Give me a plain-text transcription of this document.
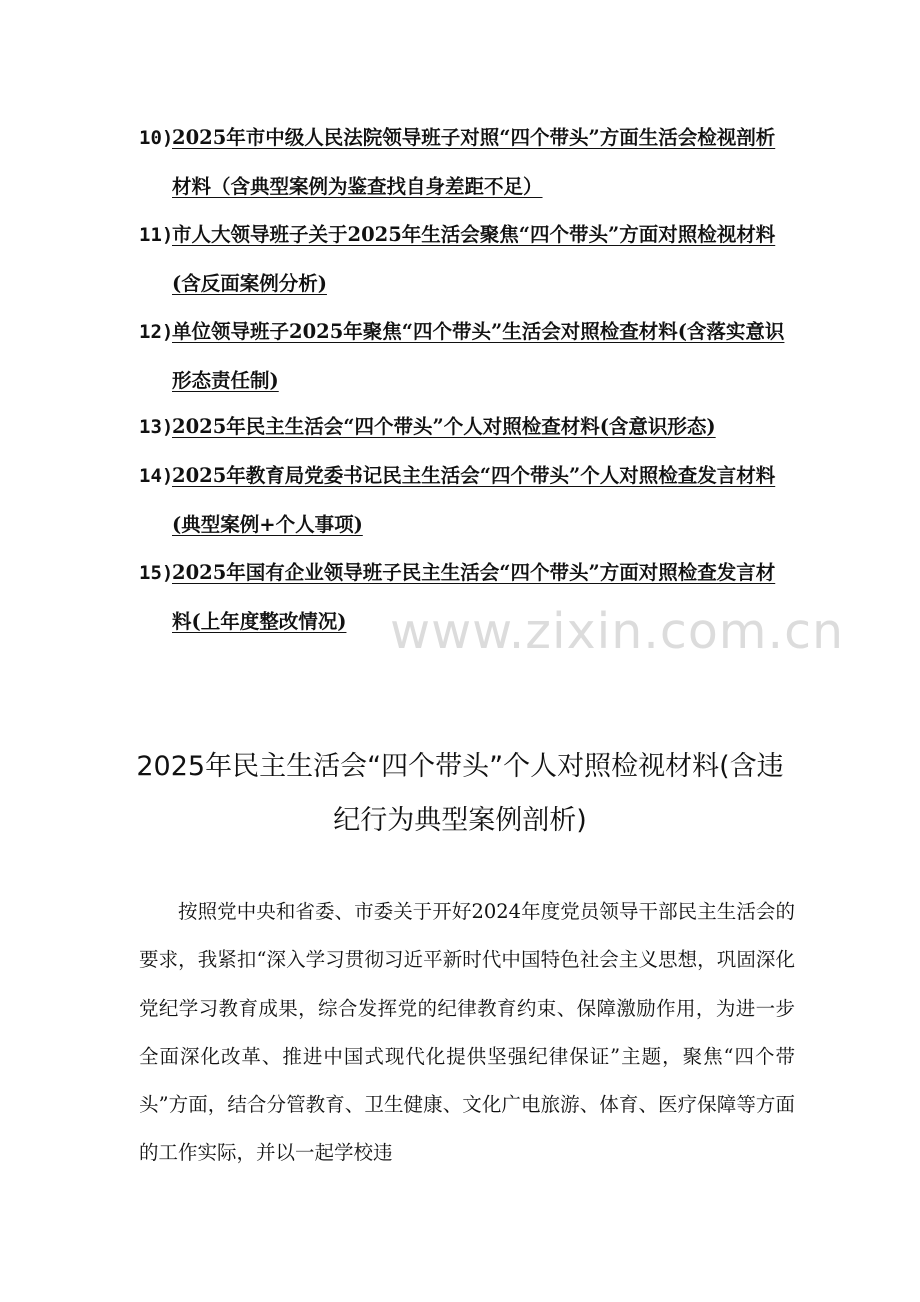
10)
2025年市中级人民法院领导班子对照“四个带头”方面生活会检视剖析材料（含典型案例为鉴查找自身差距不足）
11)
市人大领导班子关于2025年生活会聚焦“四个带头”方面对照检视材料(含反面案例分析)
12)
单位领导班子2025年聚焦“四个带头”生活会对照检查材料(含落实意识形态责任制)
13)
2025年民主生活会“四个带头”个人对照检查材料(含意识形态)
14)
2025年教育局党委书记民主生活会“四个带头”个人对照检查发言材料(典型案例+个人事项)
15)
2025年国有企业领导班子民主生活会“四个带头”方面对照检查发言材料(上年度整改情况) www.zixin.com.cn
2025年民主生活会“四个带头”个人对照检视材料(含违纪行为典型案例剖析)
按照党中央和省委、市委关于开好2024年度党员领导干部民主生活会的要求，我紧扣“深入学习贯彻习近平新时代中国特色社会主义思想，巩固深化党纪学习教育成果，综合发挥党的纪律教育约束、保障激励作用，为进一步全面深化改革、推进中国式现代化提供坚强纪律保证”主题，聚焦“四个带头”方面，结合分管教育、卫生健康、文化广电旅游、体育、医疗保障等方面的工作实际，并以一起学校违
